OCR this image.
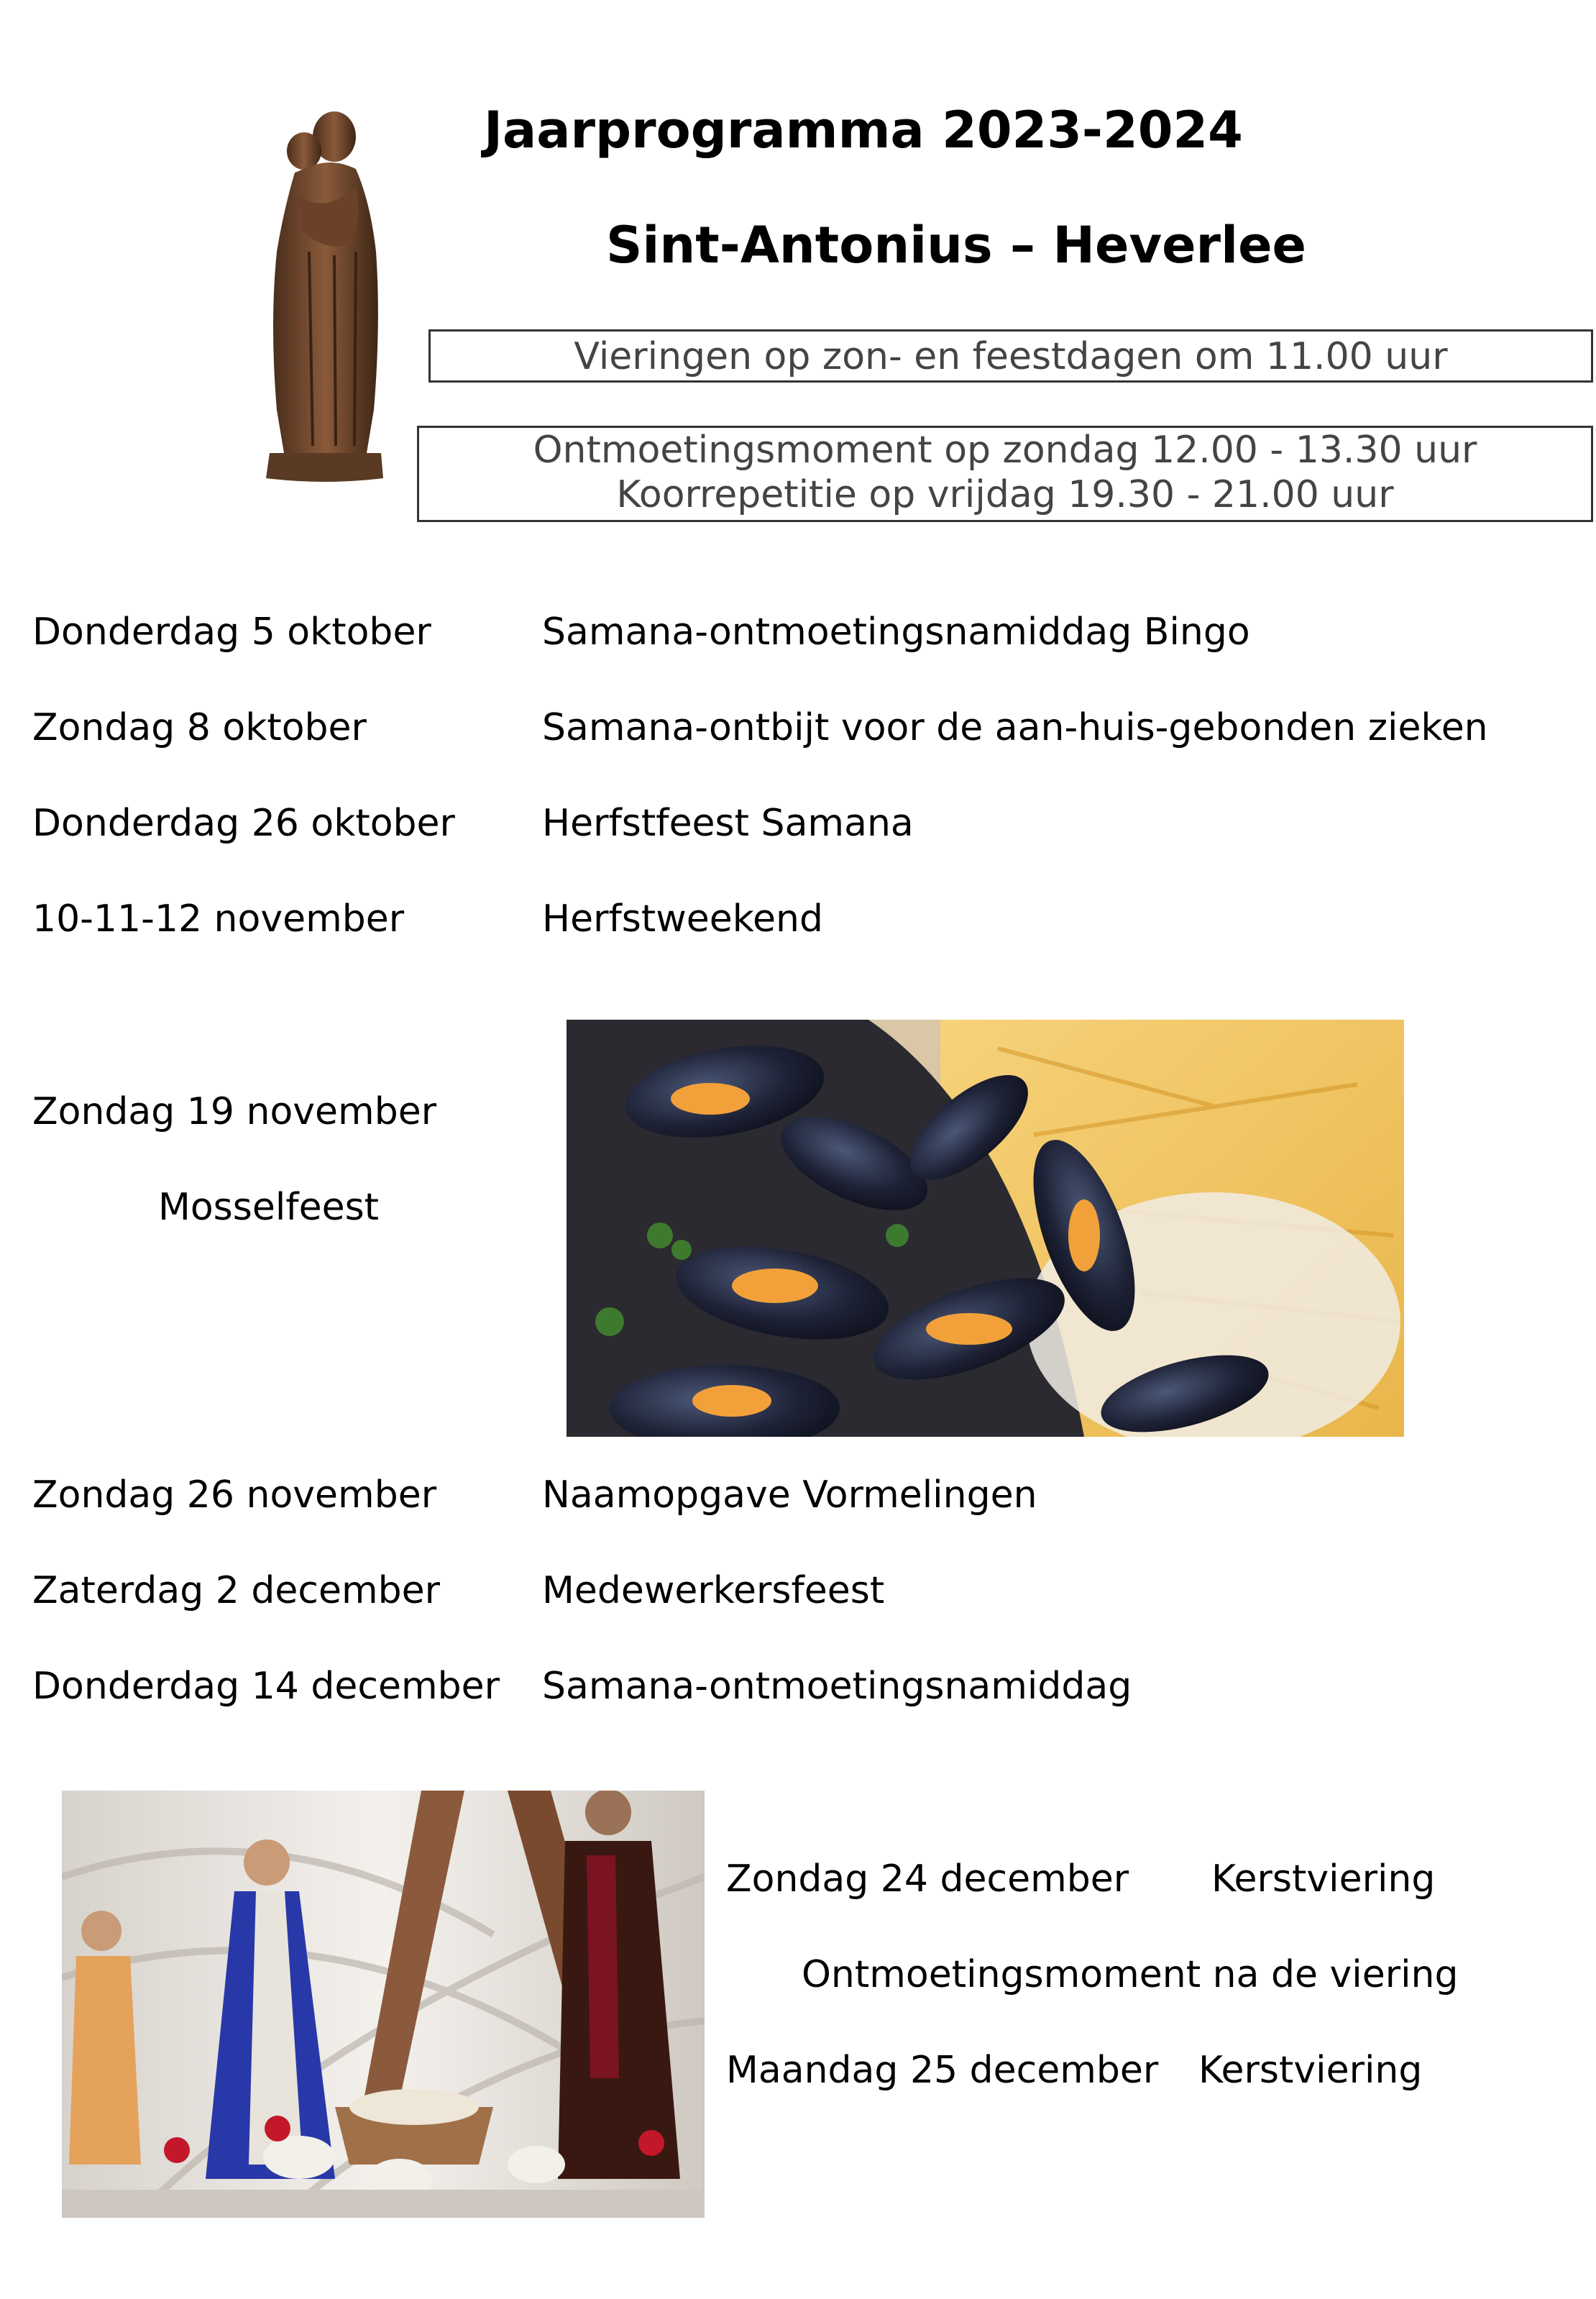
Jaarprogramma 2023-2024
Sint-Antonius – Heverlee
Vieringen op zon- en feestdagen om 11.00 uur
Ontmoetingsmoment op zondag 12.00 - 13.30 uur
Koorrepetitie op vrijdag 19.30 - 21.00 uur
Donderdag 5 oktober	Samana-ontmoetingsnamiddag Bingo
Zondag 8 oktober	Samana-ontbijt voor de aan-huis-gebonden zieken
Donderdag 26 oktober Herfstfeest Samana
10-11-12 november	Herfstweekend
Zondag 19 november
Mosselfeest
Zondag 26 november	Naamopgave Vormelingen
Zaterdag 2 december	Medewerkersfeest
Donderdag 14 december Samana-ontmoetingsnamiddag
Zondag 24 december Kerstviering
Ontmoetingsmoment na de viering
Maandag 25 december Kerstviering
